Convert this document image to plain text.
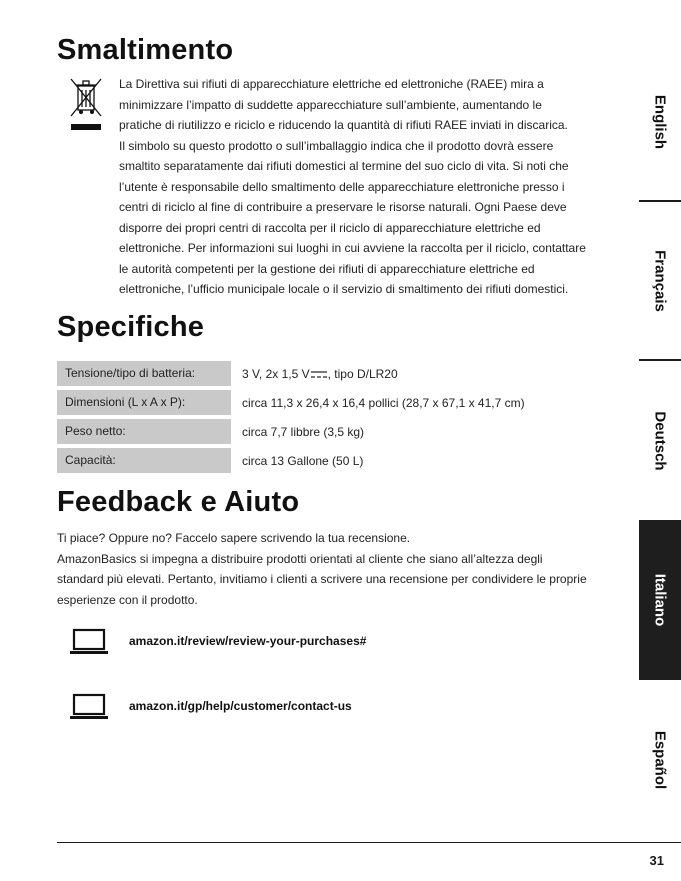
Smaltimento
La Direttiva sui rifiuti di apparecchiature elettriche ed elettroniche (RAEE) mira a
minimizzare l’impatto di suddette apparecchiature sull’ambiente, aumentando le
pratiche di riutilizzo e riciclo e riducendo la quantità di rifiuti RAEE inviati in discarica.
Il simbolo su questo prodotto o sull’imballaggio indica che il prodotto dovrà essere
smaltito separatamente dai rifiuti domestici al termine del suo ciclo di vita. Si noti che
l’utente è responsabile dello smaltimento delle apparecchiature elettroniche presso i
centri di riciclo al fine di contribuire a preservare le risorse naturali. Ogni Paese deve
disporre dei propri centri di raccolta per il riciclo di apparecchiature elettriche ed
elettroniche. Per informazioni sui luoghi in cui avviene la raccolta per il riciclo, contattare
le autorità competenti per la gestione dei rifiuti di apparecchiature elettriche ed
elettroniche, l’ufficio municipale locale o il servizio di smaltimento dei rifiuti domestici.
Specifiche
Tensione/tipo di batteria:	3 V, 2x 1,5 V , tipo D/LR20
Dimensioni (L x A x P):	circa 11,3 x 26,4 x 16,4 pollici (28,7 x 67,1 x 41,7 cm)
Peso netto:	circa 7,7 libbre (3,5 kg)
Capacità:	circa 13 Gallone (50 L)
Feedback e Aiuto
Ti piace? Oppure no? Faccelo sapere scrivendo la tua recensione.
AmazonBasics si impegna a distribuire prodotti orientati al cliente che siano all’altezza degli
standard più elevati. Pertanto, invitiamo i clienti a scrivere una recensione per condividere le proprie
esperienze con il prodotto.
amazon.it/review/review-your-purchases#
amazon.it/gp/help/customer/contact-us
English
Français
Deutsch
Italiano
Español
31
